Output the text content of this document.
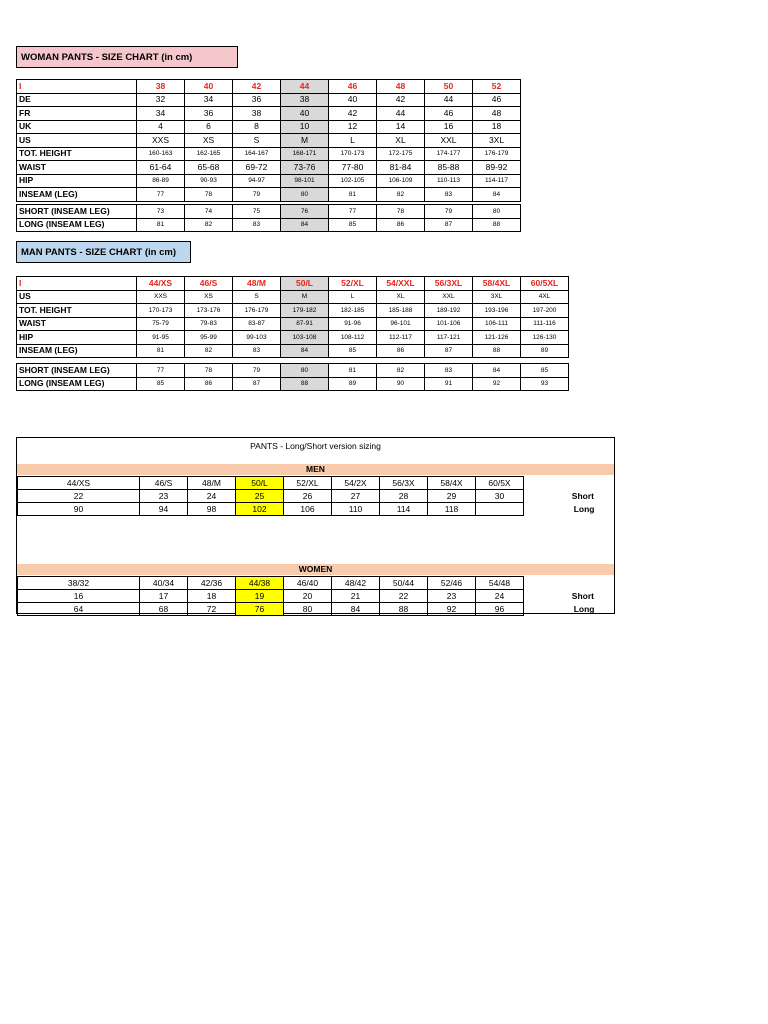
WOMAN PANTS - SIZE CHART (in cm)
I	38	40	42	44	46	48	50	52
DE	32	34	36	38	40	42	44	46
FR	34	36	38	40	42	44	46	48
UK	4	6	8	10	12	14	16	18
US	XXS	XS	S	M	L	XL	XXL	3XL
TOT. HEIGHT	160-163	162-165	164-167	168-171	170-173	172-175	174-177	176-179
WAIST	61-64	65-68	69-72	73-76	77-80	81-84	85-88	89-92
HIP	86-89	90-93	94-97	98-101	102-105	106-109	110-113	114-117
INSEAM (LEG)	77	78	79	80	81	82	83	84
SHORT (INSEAM LEG)	73	74	75	76	77	78	79	80
LONG (INSEAM LEG)	81	82	83	84	85	86	87	88
MAN PANTS - SIZE CHART (in cm)
I	44/XS	46/S	48/M	50/L	52/XL	54/XXL	56/3XL	58/4XL	60/5XL
US	XXS	XS	S	M	L	XL	XXL	3XL	4XL
TOT. HEIGHT	170-173	173-176	176-179	179-182	182-185	185-188	189-192	193-196	197-200
WAIST	75-79	79-83	83-87	87-91	91-96	96-101	101-106	106-111	111-116
HIP	91-95	95-99	99-103	103-108	108-112	112-117	117-121	121-126	126-130
INSEAM (LEG)	81	82	83	84	85	86	87	88	89
SHORT (INSEAM LEG)	77	78	79	80	81	82	83	84	85
LONG (INSEAM LEG)	85	86	87	88	89	90	91	92	93
PANTS - Long/Short version sizing
MEN
44/XS	46/S	48/M	50/L	52/XL	54/2X	56/3X	58/4X	60/5X	
22	23	24	25	26	27	28	29	30	Short
90	94	98	102	106	110	114	118		Long
WOMEN
38/32	40/34	42/36	44/38	46/40	48/42	50/44	52/46	54/48	
16	17	18	19	20	21	22	23	24	Short
64	68	72	76	80	84	88	92	96	Long
